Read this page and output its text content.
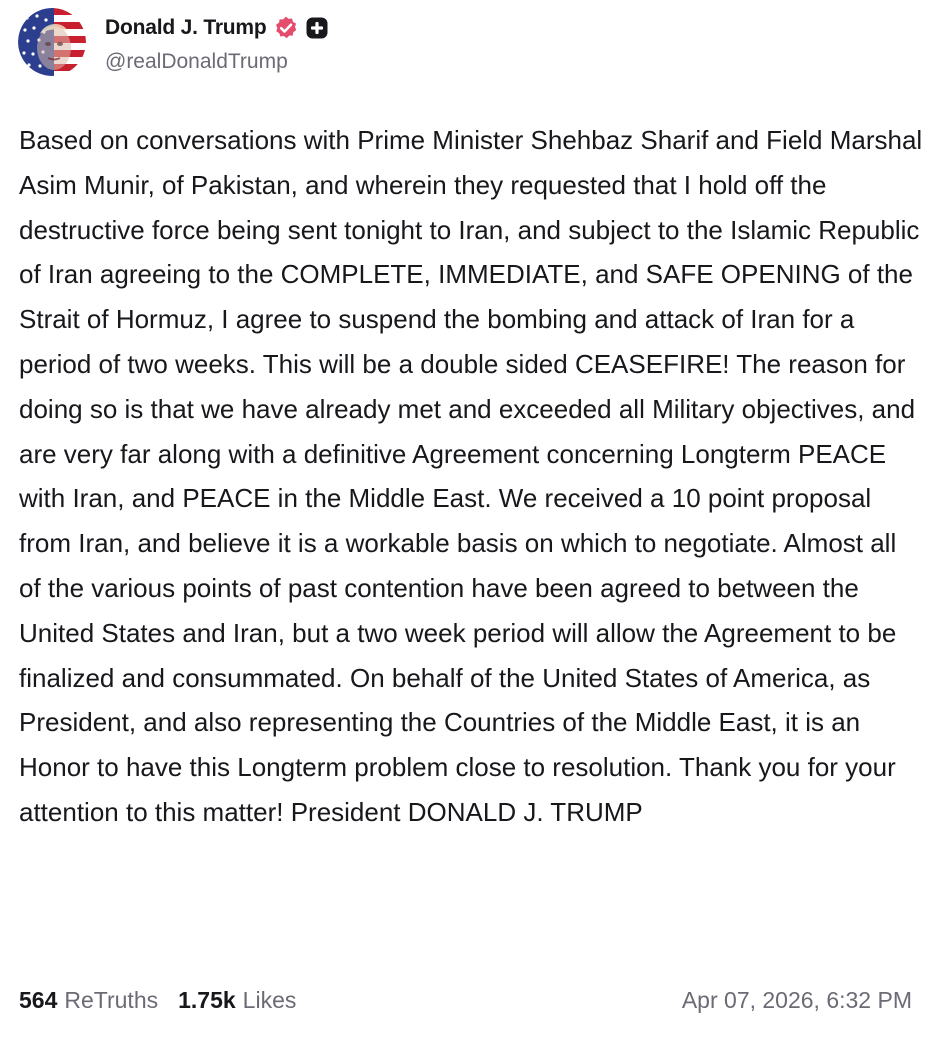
Donald J. Trump
@realDonaldTrump

Based on conversations with Prime Minister Shehbaz Sharif and Field Marshal Asim Munir, of Pakistan, and wherein they requested that I hold off the destructive force being sent tonight to Iran, and subject to the Islamic Republic of Iran agreeing to the COMPLETE, IMMEDIATE, and SAFE OPENING of the Strait of Hormuz, I agree to suspend the bombing and attack of Iran for a period of two weeks. This will be a double sided CEASEFIRE! The reason for doing so is that we have already met and exceeded all Military objectives, and are very far along with a definitive Agreement concerning Longterm PEACE with Iran, and PEACE in the Middle East. We received a 10 point proposal from Iran, and believe it is a workable basis on which to negotiate. Almost all of the various points of past contention have been agreed to between the United States and Iran, but a two week period will allow the Agreement to be finalized and consummated. On behalf of the United States of America, as President, and also representing the Countries of the Middle East, it is an Honor to have this Longterm problem close to resolution. Thank you for your attention to this matter! President DONALD J. TRUMP

564 ReTruths 1.75k Likes	Apr 07, 2026, 6:32 PM
